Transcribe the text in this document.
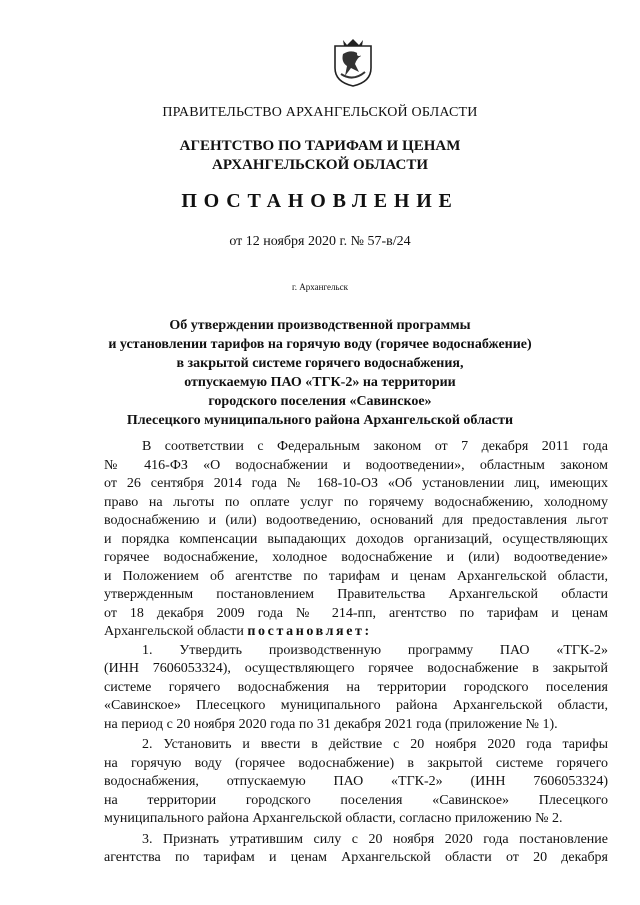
ПРАВИТЕЛЬСТВО АРХАНГЕЛЬСКОЙ ОБЛАСТИ
АГЕНТСТВО ПО ТАРИФАМ И ЦЕНАМ
АРХАНГЕЛЬСКОЙ ОБЛАСТИ
ПОСТАНОВЛЕНИЕ
от 12 ноября 2020 г. № 57-в/24
г. Архангельск
Об утверждении производственной программы
и установлении тарифов на горячую воду (горячее водоснабжение)
в закрытой системе горячего водоснабжения,
отпускаемую ПАО «ТГК-2» на территории
городского поселения «Савинское»
Плесецкого муниципального района Архангельской области

В соответствии с Федеральным законом от 7 декабря 2011 года

№ 416-ФЗ «О водоснабжении и водоотведении», областным законом

от 26 сентября 2014 года № 168-10-ОЗ «Об установлении лиц, имеющих

право на льготы по оплате услуг по горячему водоснабжению, холодному

водоснабжению и (или) водоотведению, оснований для предоставления льгот

и порядка компенсации выпадающих доходов организаций, осуществляющих

горячее водоснабжение, холодное водоснабжение и (или) водоотведение»

и Положением об агентстве по тарифам и ценам Архангельской области,

утвержденным постановлением Правительства Архангельской области

от 18 декабря 2009 года № 214-пп, агентство по тарифам и ценам

Архангельской области постановляет:

1. Утвердить производственную программу ПАО «ТГК-2»

(ИНН 7606053324), осуществляющего горячее водоснабжение в закрытой

системе горячего водоснабжения на территории городского поселения

«Савинское» Плесецкого муниципального района Архангельской области,

на период с 20 ноября 2020 года по 31 декабря 2021 года (приложение № 1).

2. Установить и ввести в действие с 20 ноября 2020 года тарифы

на горячую воду (горячее водоснабжение) в закрытой системе горячего

водоснабжения, отпускаемую ПАО «ТГК-2» (ИНН 7606053324)

на территории городского поселения «Савинское» Плесецкого

муниципального района Архангельской области, согласно приложению № 2.

3. Признать утратившим силу с 20 ноября 2020 года постановление

агентства по тарифам и ценам Архангельской области от 20 декабря
